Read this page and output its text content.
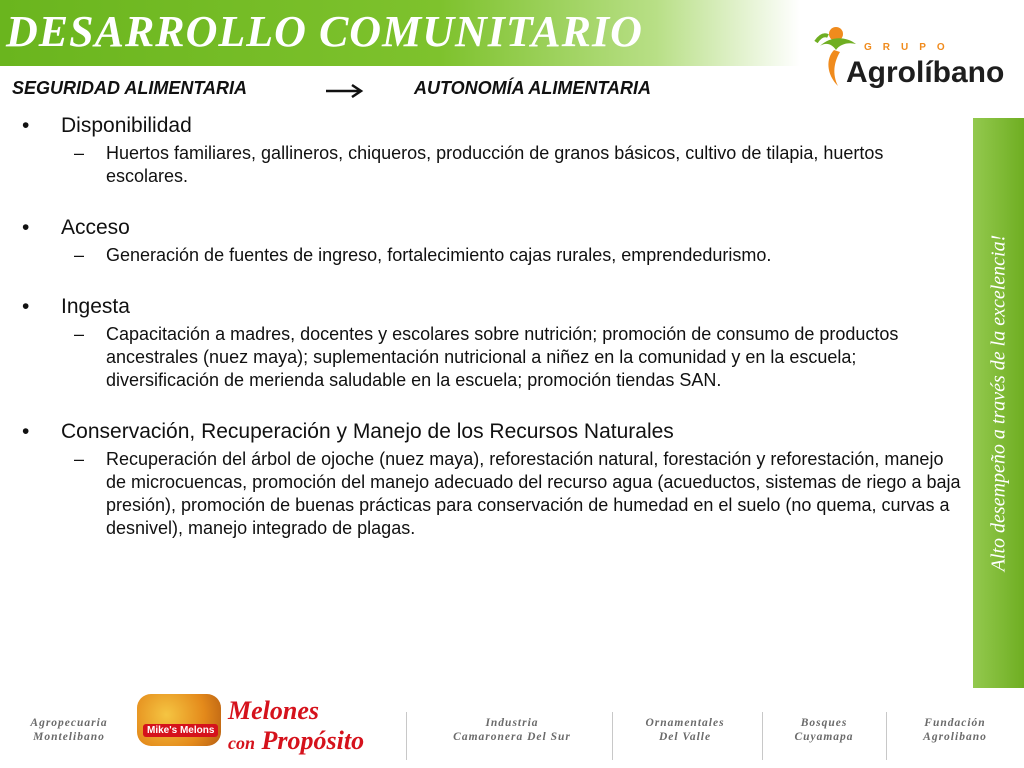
DESARROLLO COMUNITARIO
SEGURIDAD ALIMENTARIA	AUTONOMÍA ALIMENTARIA
GRUPO
Agrolíbano
Alto desempeño a través de la excelencia!
• Disponibilidad
– Huertos familiares, gallineros, chiqueros, producción de granos básicos, cultivo de tilapia, huertos escolares.
• Acceso
– Generación de fuentes de ingreso, fortalecimiento cajas rurales, emprendedurismo.
• Ingesta
– Capacitación a madres, docentes y escolares sobre nutrición; promoción de consumo de productos ancestrales (nuez maya); suplementación nutricional a niñez en la comunidad y en la escuela; diversificación de merienda saludable en la escuela; promoción tiendas SAN.
• Conservación, Recuperación y Manejo de los Recursos Naturales
– Recuperación del árbol de ojoche (nuez maya), reforestación natural, forestación y reforestación, manejo de microcuencas, promoción del manejo adecuado del recurso agua (acueductos, sistemas de riego a baja presión), promoción de buenas prácticas para conservación de humedad en el suelo (no quema, curvas a desnivel), manejo integrado de plagas.
Agropecuaria
Montelibano
Mike's Melons
Melones
con Propósito
Industria
Camaronera Del Sur
Ornamentales
Del Valle
Bosques
Cuyamapa
Fundación
Agrolibano
